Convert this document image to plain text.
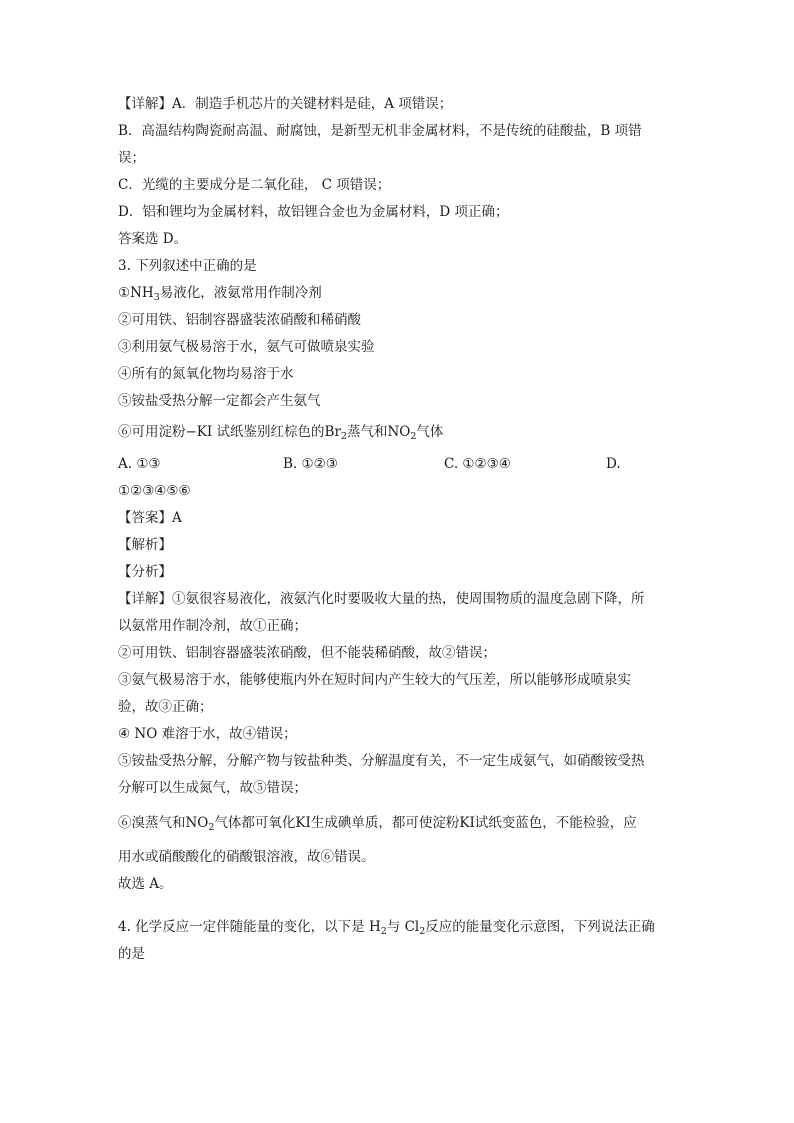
【详解】A．制造手机芯片的关键材料是硅，A 项错误；
B．高温结构陶瓷耐高温、耐腐蚀，是新型无机非金属材料，不是传统的硅酸盐，B 项错
误；
C．光缆的主要成分是二氧化硅， C 项错误；
D．铝和锂均为金属材料，故铝锂合金也为金属材料，D 项正确；
答案选 D。
3. 下列叙述中正确的是
$①NH_3$易液化，液氨常用作制冷剂
②可用铁、铝制容器盛装浓硝酸和稀硝酸
③利用氨气极易溶于水，氨气可做喷泉实验
④所有的氮氧化物均易溶于水
⑤铵盐受热分解一定都会产生氨气
⑥可用淀粉−KI 试纸鉴别红棕色的$Br_2$蒸气和$NO_2$气体
A. ①③	B. ①②③	C. ①②③④	D.
①②③④⑤⑥
【答案】A
【解析】
【分析】
【详解】①氨很容易液化，液氨汽化时要吸收大量的热，使周围物质的温度急剧下降，所
以氨常用作制冷剂，故①正确；
②可用铁、铝制容器盛装浓硝酸，但不能装稀硝酸，故②错误；
③氨气极易溶于水，能够使瓶内外在短时间内产生较大的气压差，所以能够形成喷泉实
验，故③正确；
④ NO 难溶于水，故④错误；
⑤铵盐受热分解，分解产物与铵盐种类、分解温度有关，不一定生成氨气，如硝酸铵受热
分解可以生成氮气，故⑤错误；
⑥溴蒸气和$NO_2$气体都可氧化KI生成碘单质，都可使淀粉KI试纸变蓝色，不能检验，应
用水或硝酸酸化的硝酸银溶液，故⑥错误。
故选 A。
4. 化学反应一定伴随能量的变化，以下是 $H_2$与 $Cl_2$反应的能量变化示意图，下列说法正确
的是
